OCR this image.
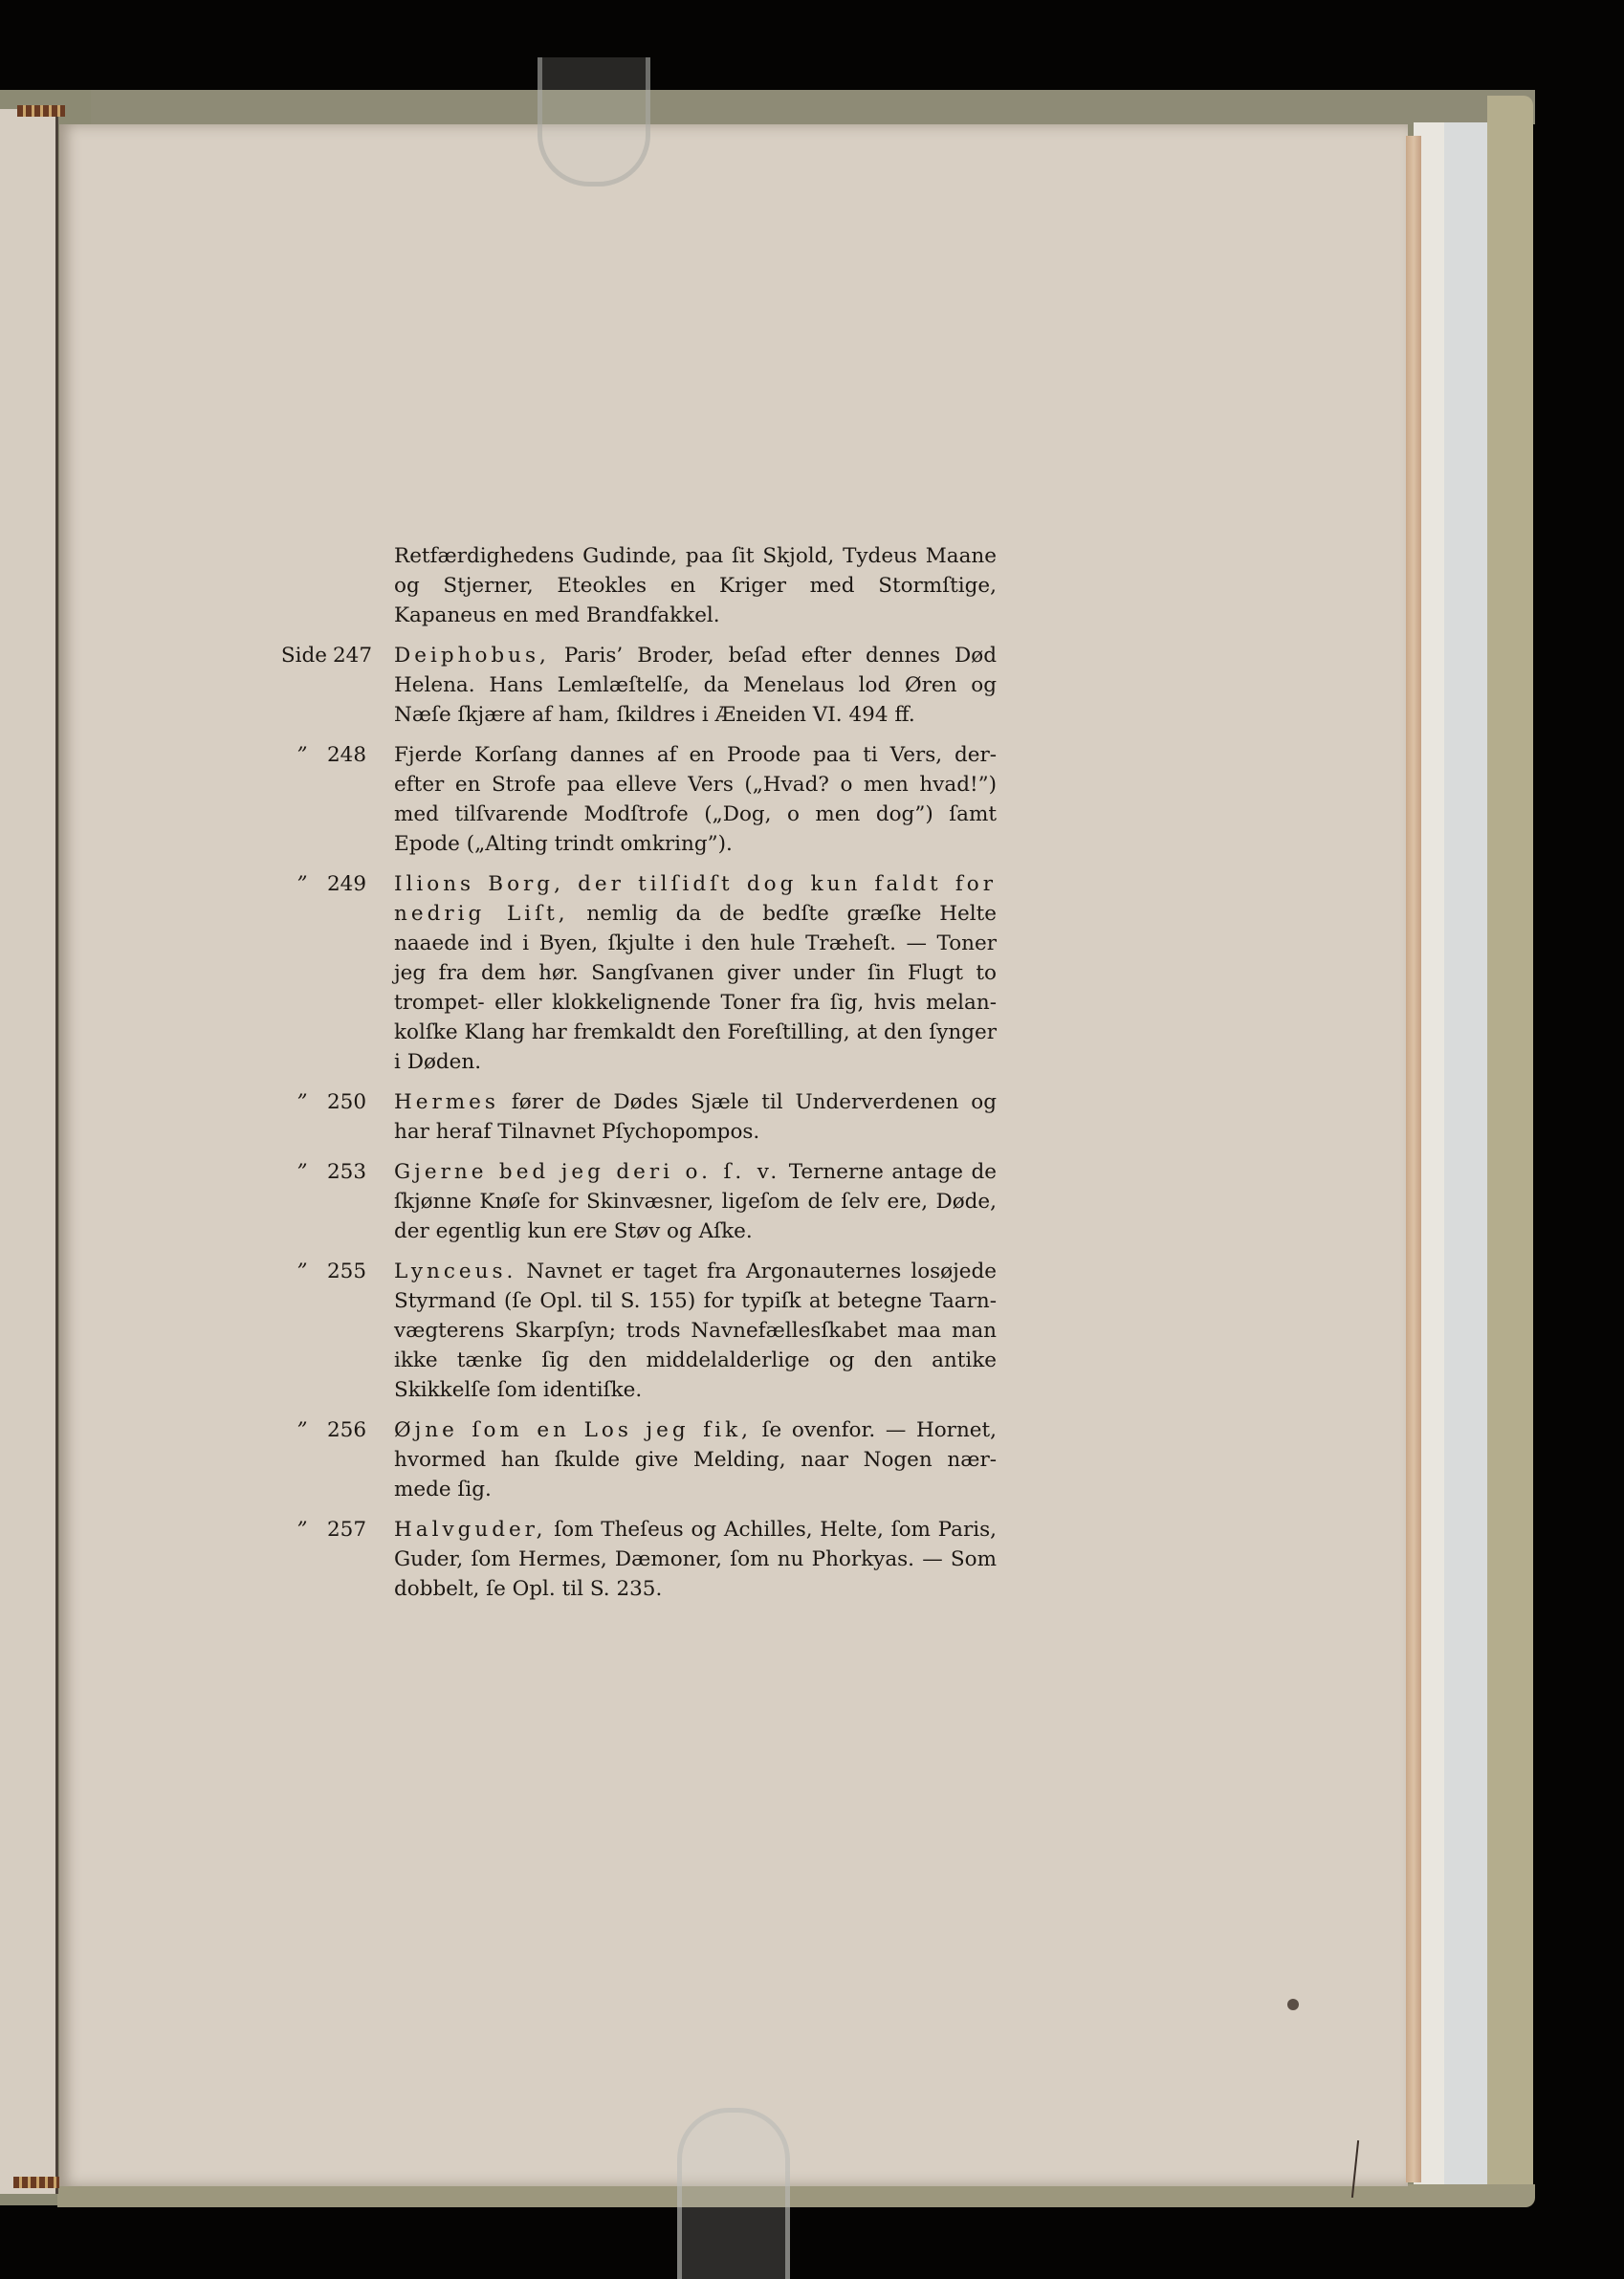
Retfærdighedens Gudinde, paa ſit Skjold, Tydeus Maane og Stjerner, Eteokles en Kriger med Stormſtige, Kapaneus en med Brandfakkel.
Side 247 Deiphobus, Paris’ Broder, beſad efter dennes Død Helena. Hans Lemlæſtelſe, da Menelaus lod Øren og Næſe ſkjære af ham, ſkildres i Æneiden VI. 494 ff.
” 248 Fjerde Korſang dannes af en Proode paa ti Vers, der‑ efter en Strofe paa elleve Vers („Hvad? o men hvad!”) med tilſvarende Modſtrofe („Dog, o men dog”) ſamt Epode („Alting trindt omkring”).
” 249 Ilions Borg, der tilſidſt dog kun faldt for nedrig Liſt, nemlig da de bedſte græſke Helte naaede ind i Byen, ſkjulte i den hule Træheſt. — Toner jeg fra dem hør. Sangſvanen giver under ſin Flugt to trompet‑ eller klokkelignende Toner fra ſig, hvis melan‑ kolſke Klang har fremkaldt den Foreſtilling, at den ſynger i Døden.
” 250 Hermes fører de Dødes Sjæle til Underverdenen og har heraf Tilnavnet Pſychopompos.
” 253 Gjerne bed jeg deri o. ſ. v. Ternerne antage de ſkjønne Knøſe for Skinvæsner, ligeſom de ſelv ere, Døde, der egentlig kun ere Støv og Aſke.
” 255 Lynceus. Navnet er taget fra Argonauternes losøjede Styrmand (ſe Opl. til S. 155) for typiſk at betegne Taarn‑ vægterens Skarpſyn; trods Navnefællesſkabet maa man ikke tænke ſig den middelalderlige og den antike Skikkelſe ſom identiſke.
” 256 Øjne ſom en Los jeg fik, ſe ovenfor. — Hornet, hvormed han ſkulde give Melding, naar Nogen nær‑ mede ſig.
” 257 Halvguder, ſom Theſeus og Achilles, Helte, ſom Paris, Guder, ſom Hermes, Dæmoner, ſom nu Phorkyas. — Som dobbelt, ſe Opl. til S. 235.
